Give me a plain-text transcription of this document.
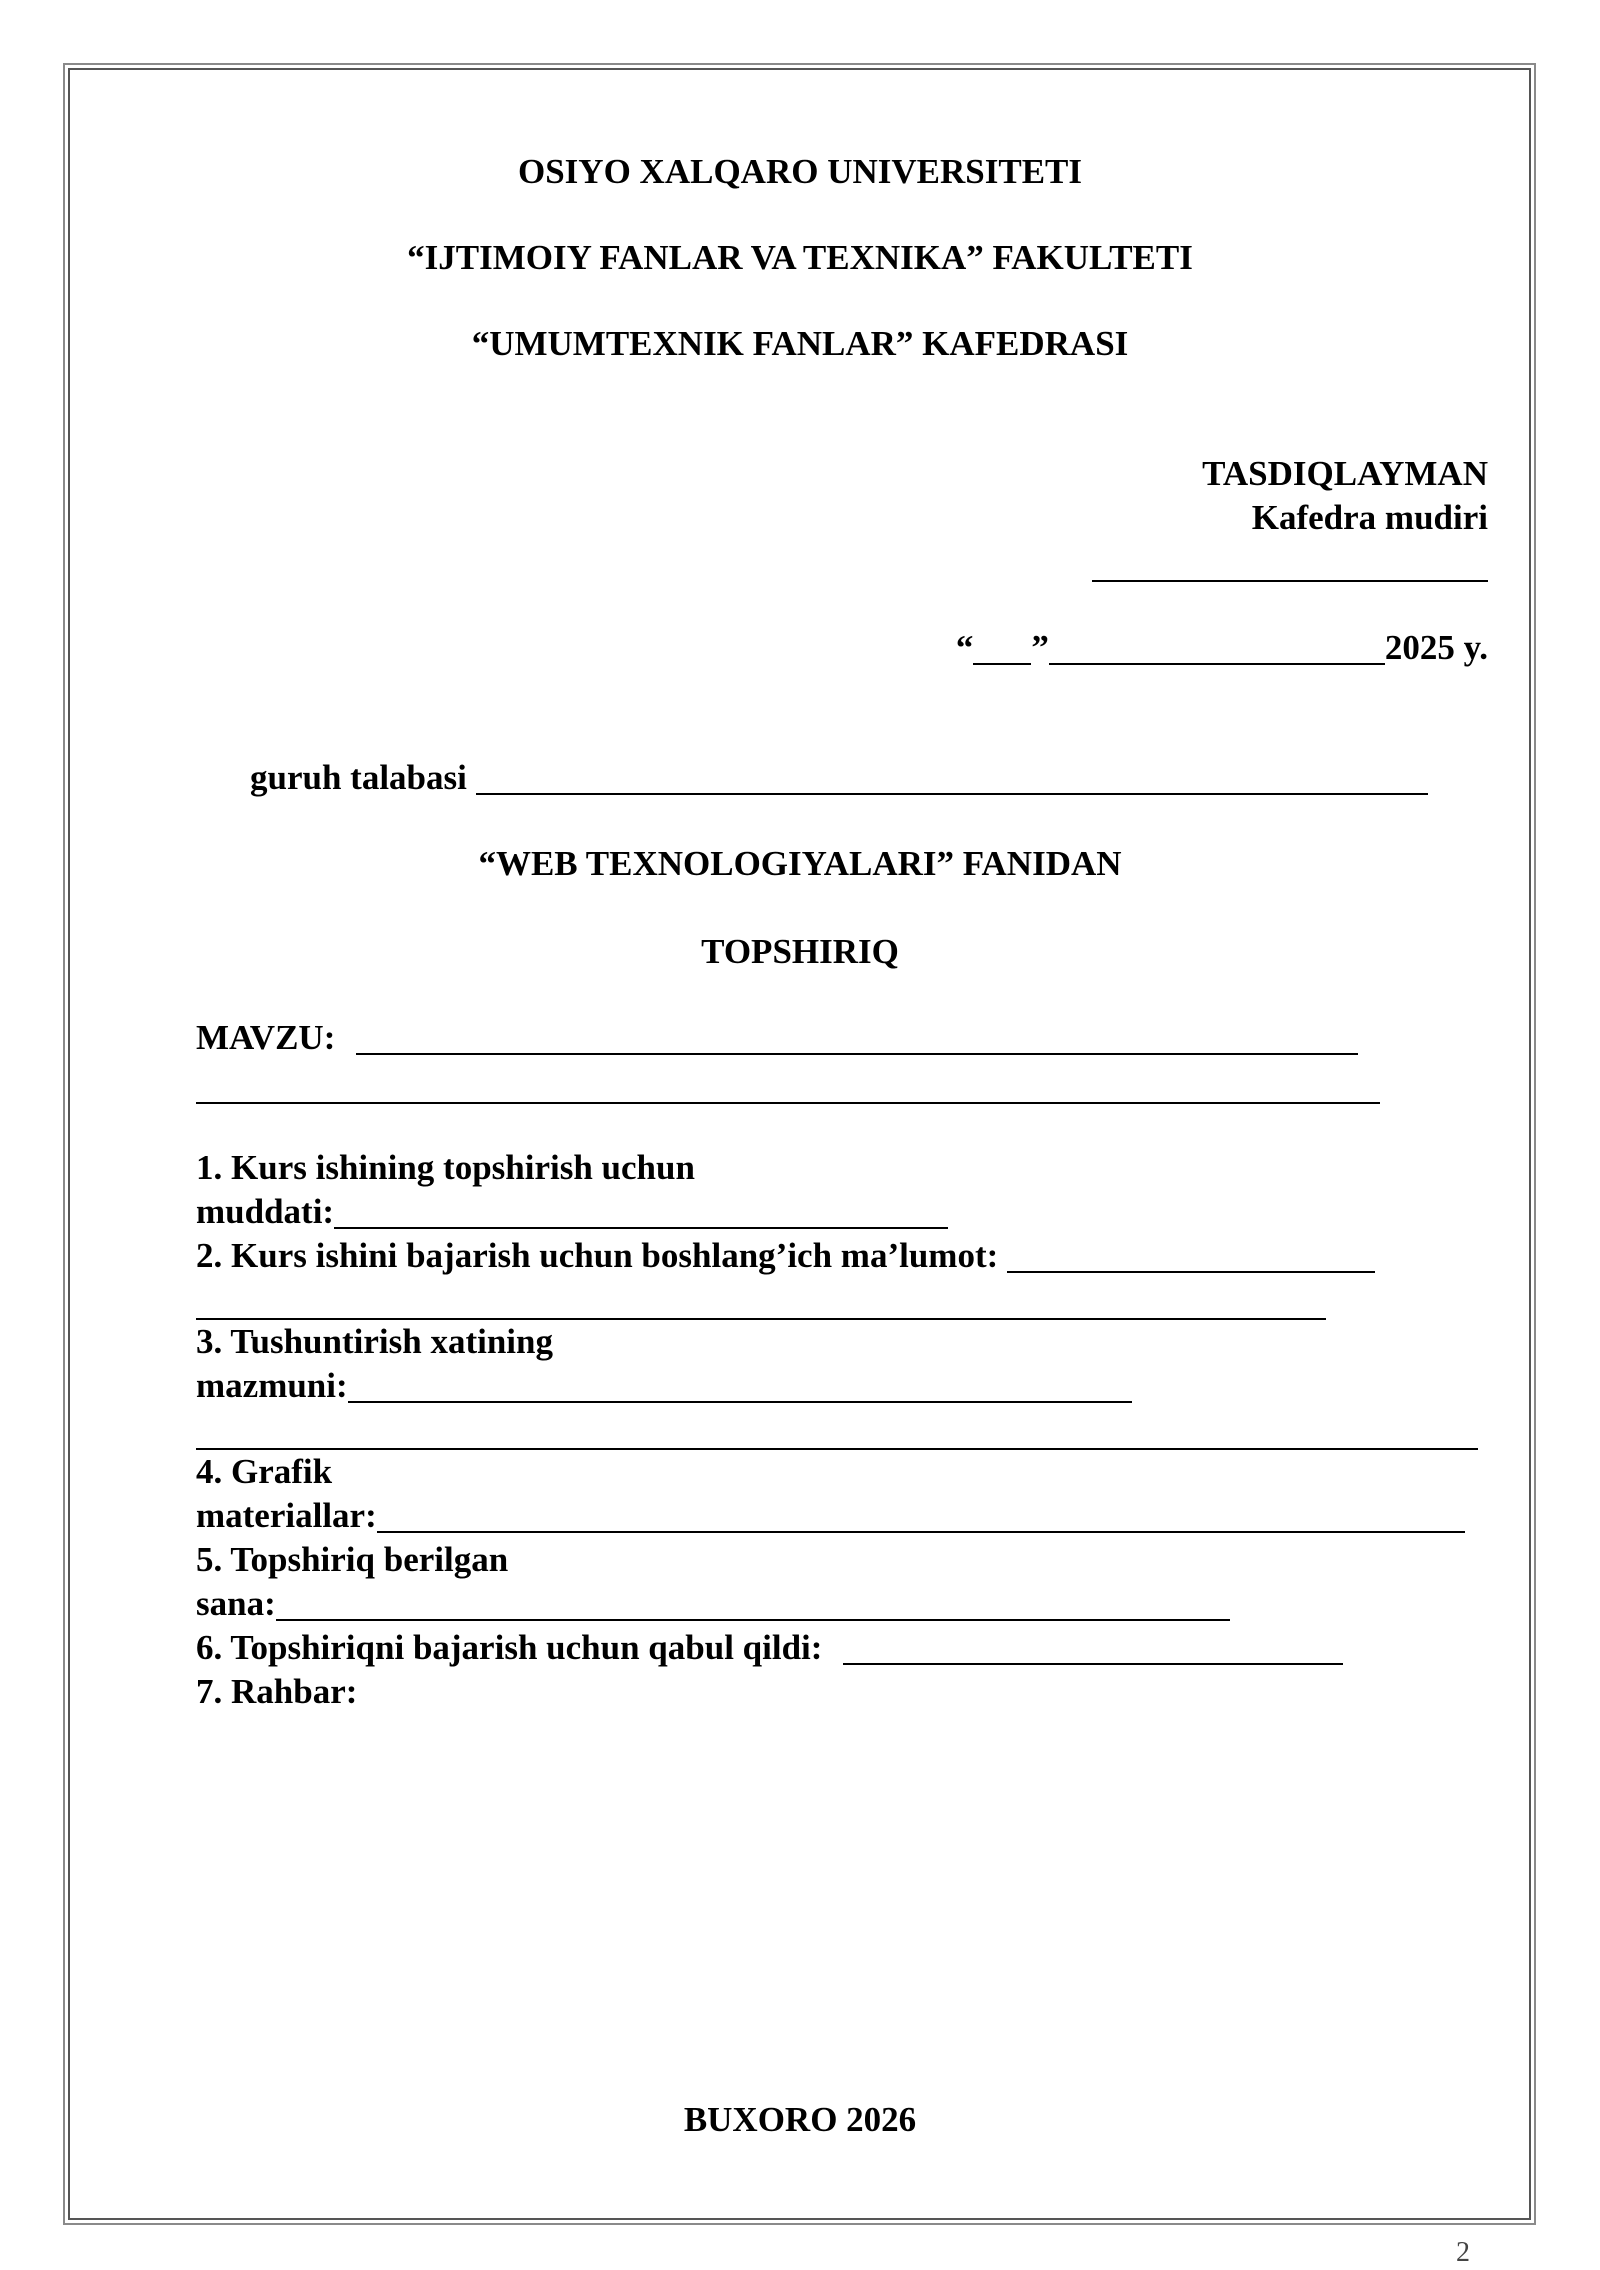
OSIYO XALQARO UNIVERSITETI

“IJTIMOIY FANLAR VA TEXNIKA” FAKULTETI

“UMUMTEXNIK FANLAR” KAFEDRASI

TASDIQLAYMAN

Kafedra mudiri

“ ”	2025 y.

guruh talabasi

“WEB TEXNOLOGIYALARI” FANIDAN

TOPSHIRIQ

MAVZU:

1. Kurs ishining topshirish uchun

muddati:

2. Kurs ishini bajarish uchun boshlang’ich ma’lumot:

3. Tushuntirish xatining

mazmuni:

4. Grafik

materiallar:

5. Topshiriq berilgan

sana:

6. Topshiriqni bajarish uchun qabul qildi:

7. Rahbar:

BUXORO 2026

2
